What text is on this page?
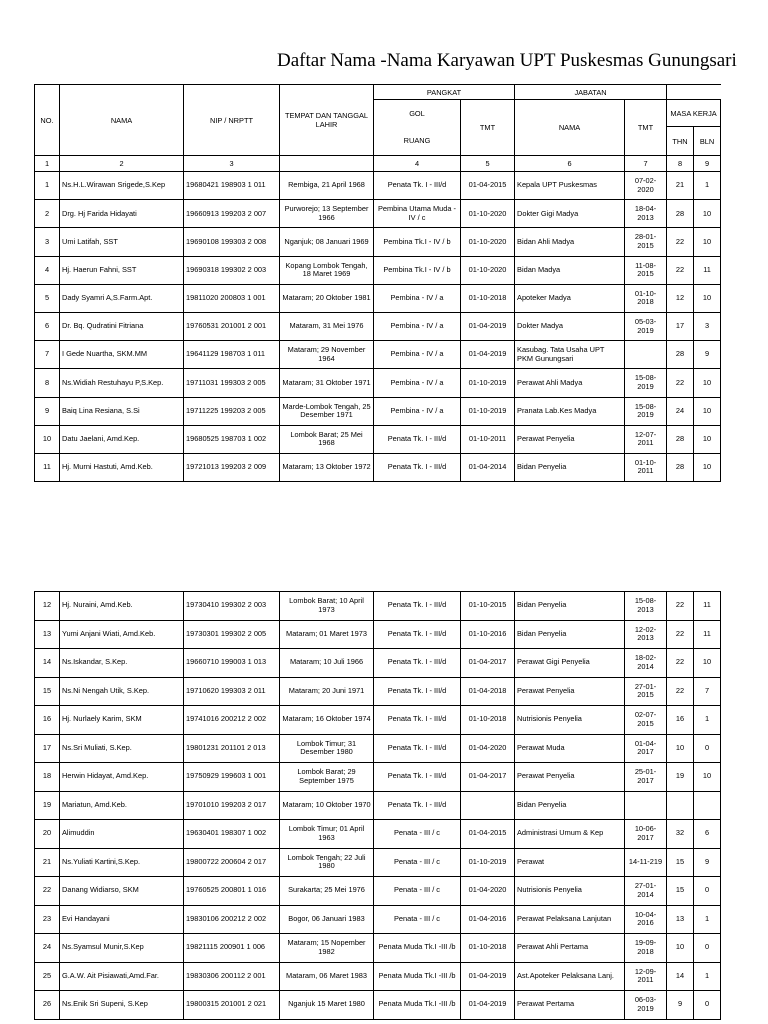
Daftar Nama -Nama Karyawan UPT Puskesmas Gunungsari
NO.	NAMA	NIP / NRPTT	TEMPAT DAN TANGGAL LAHIR	PANGKAT		JABATAN			
				GOL	TMT	NAMA	TMT	MASA KERJA	
				RUANG				THN	BLN
1	2	3		4	5	6	7	8	9
1	Ns.H.L.Wirawan Srigede,S.Kep	19680421 198903 1 011	Rembiga, 21 April 1968	Penata Tk. I - III/d	01-04-2015	Kepala UPT Puskesmas	07-02-2020	21	1
2	Drg. Hj Farida Hidayati	19660913 199203 2 007	Purworejo; 13 September 1966	Pembina Utama Muda - IV / c	01-10-2020	Dokter Gigi Madya	18-04-2013	28	10
3	Umi Latifah, SST	19690108 199303 2 008	Nganjuk; 08 Januari 1969	Pembina Tk.I - IV / b	01-10-2020	Bidan Ahli Madya	28-01-2015	22	10
4	Hj. Haerun Fahni, SST	19690318 199302 2 003	Kopang Lombok Tengah, 18 Maret 1969	Pembina Tk.I - IV / b	01-10-2020	Bidan Madya	11-08-2015	22	11
5	Dady Syamri A,S.Farm.Apt.	19811020 200803 1 001	Mataram; 20 Oktober 1981	Pembina - IV / a	01-10-2018	Apoteker Madya	01-10-2018	12	10
6	Dr. Bq. Qudratini Fitriana	19760531 201001 2 001	Mataram, 31 Mei 1976	Pembina - IV / a	01-04-2019	Dokter Madya	05-03-2019	17	3
7	I Gede Nuartha, SKM.MM	19641129 198703 1 011	Mataram; 29 November 1964	Pembina - IV / a	01-04-2019	Kasubag. Tata Usaha UPT PKM Gunungsari		28	9
8	Ns.Widiah Restuhayu P,S.Kep.	19711031 199303 2 005	Mataram; 31 Oktober 1971	Pembina - IV / a	01-10-2019	Perawat Ahli Madya	15-08-2019	22	10
9	Baiq Lina Resiana, S.Si	19711225 199203 2 005	Marde-Lombok Tengah, 25 Desember 1971	Pembina - IV / a	01-10-2019	Pranata Lab.Kes Madya	15-08-2019	24	10
10	Datu Jaelani, Amd.Kep.	19680525 198703 1 002	Lombok Barat; 25 Mei 1968	Penata Tk. I - III/d	01-10-2011	Perawat Penyelia	12-07-2011	28	10
11	Hj. Murni Hastuti, Amd.Keb.	19721013 199203 2 009	Mataram; 13 Oktober 1972	Penata Tk. I - III/d	01-04-2014	Bidan Penyelia	01-10-2011	28	10
12	Hj. Nuraini, Amd.Keb.	19730410 199302 2 003	Lombok Barat; 10 April 1973	Penata Tk. I - III/d	01-10-2015	Bidan Penyelia	15-08-2013	22	11
13	Yumi Anjani Wiati, Amd.Keb.	19730301 199302 2 005	Mataram; 01 Maret 1973	Penata Tk. I - III/d	01-10-2016	Bidan Penyelia	12-02-2013	22	11
14	Ns.Iskandar, S.Kep.	19660710 199003 1 013	Mataram; 10 Juli 1966	Penata Tk. I - III/d	01-04-2017	Perawat Gigi Penyelia	18-02-2014	22	10
15	Ns.Ni Nengah Utik, S.Kep.	19710620 199303 2 011	Mataram; 20 Juni 1971	Penata Tk. I - III/d	01-04-2018	Perawat Penyelia	27-01-2015	22	7
16	Hj. Nurlaely Karim, SKM	19741016 200212 2 002	Mataram; 16 Oktober 1974	Penata Tk. I - III/d	01-10-2018	Nutrisionis Penyelia	02-07-2015	16	1
17	Ns.Sri Muliati, S.Kep.	19801231 201101 2 013	Lombok Timur; 31 Desember 1980	Penata Tk. I - III/d	01-04-2020	Perawat Muda	01-04-2017	10	0
18	Herwin Hidayat, Amd.Kep.	19750929 199603 1 001	Lombok Barat; 29 September 1975	Penata Tk. I - III/d	01-04-2017	Perawat Penyelia	25-01-2017	19	10
19	Mariatun, Amd.Keb.	19701010 199203 2 017	Mataram; 10 Oktober 1970	Penata Tk. I - III/d		Bidan Penyelia			
20	Alimuddin	19630401 198307 1 002	Lombok Timur; 01 April 1963	Penata - III / c	01-04-2015	Administrasi Umum & Kep	10-06-2017	32	6
21	Ns.Yuliati Kartini,S.Kep.	19800722 200604 2 017	Lombok Tengah; 22 Juli 1980	Penata - III / c	01-10-2019	Perawat	14-11-219	15	9
22	Danang Widiarso, SKM	19760525 200801 1 016	Surakarta; 25 Mei 1976	Penata - III / c	01-04-2020	Nutrisionis Penyelia	27-01-2014	15	0
23	Evi Handayani	19830106 200212 2 002	Bogor, 06 Januari 1983	Penata - III / c	01-04-2016	Perawat Pelaksana Lanjutan	10-04-2016	13	1
24	Ns.Syamsul Munir,S.Kep	19821115 200901 1 006	Mataram; 15 Nopember 1982	Penata Muda Tk.I -III /b	01-10-2018	Perawat Ahli Pertama	19-09-2018	10	0
25	G.A.W. Ait Pisiawati,Amd.Far.	19830306 200112 2 001	Mataram, 06 Maret 1983	Penata Muda Tk.I -III /b	01-04-2019	Ast.Apoteker Pelaksana Lanj.	12-09-2011	14	1
26	Ns.Enik Sri Supeni, S.Kep	19800315 201001 2 021	Nganjuk 15 Maret 1980	Penata Muda Tk.I -III /b	01-04-2019	Perawat Pertama	06-03-2019	9	0
